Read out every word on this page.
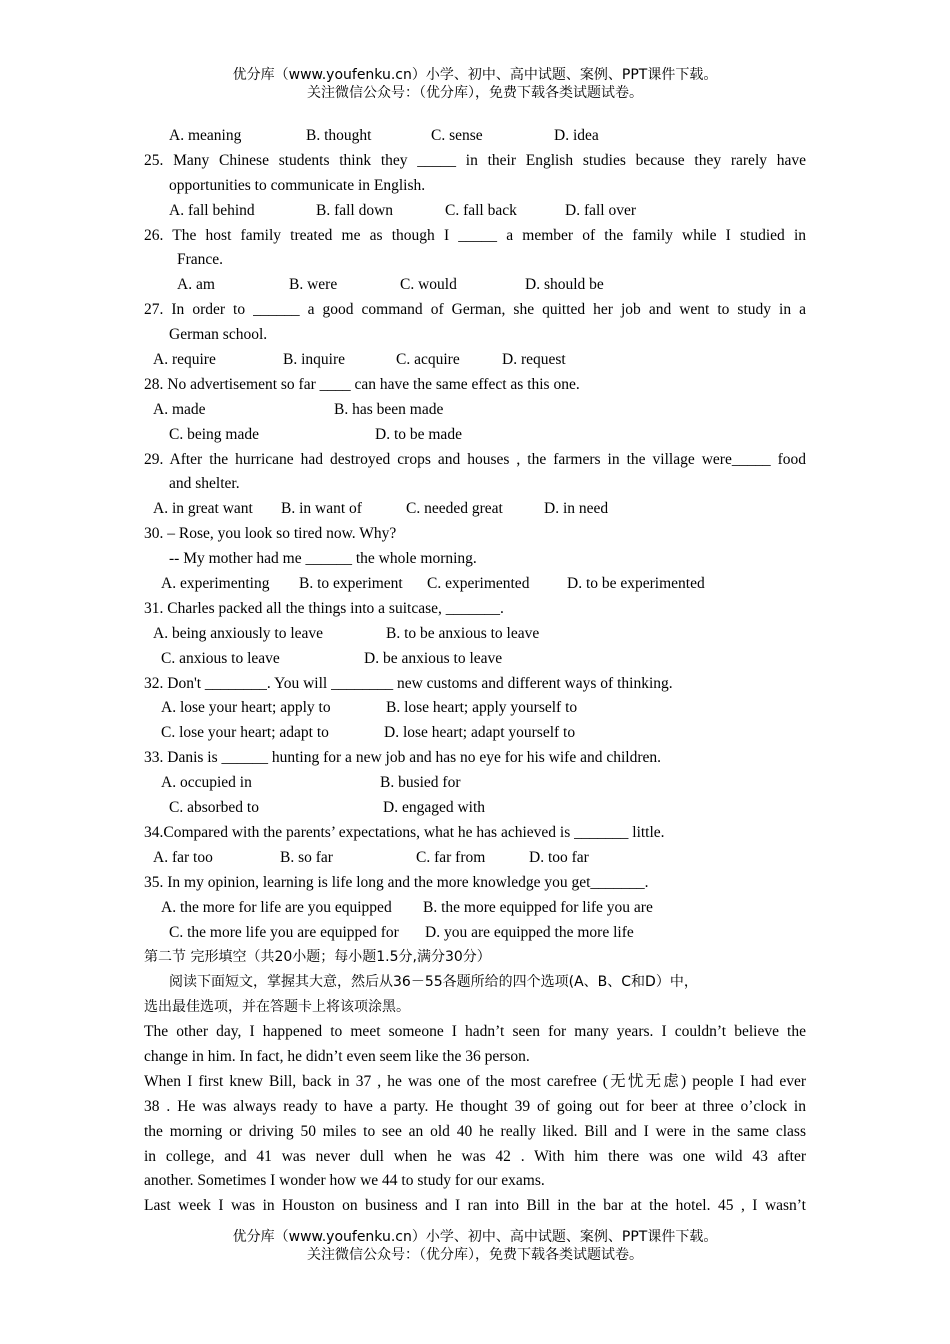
优分库（www.youfenku.cn）小学、初中、高中试题、案例、PPT课件下载。
关注微信公众号：（优分库），免费下载各类试题试卷。
A. meaning	B. thought	C. sense	D. idea
25. Many Chinese students think they _____ in their English studies because they rarely have
opportunities to communicate in English.
A. fall behind	B. fall down	C. fall back	D. fall over
26. The host family treated me as though I _____ a member of the family while I studied in
France.
A. am	B. were	C. would	D. should be
27. In order to ______ a good command of German, she quitted her job and went to study in a
German school.
A. require	B. inquire	C. acquire	D. request
28. No advertisement so far ____ can have the same effect as this one.
A. made	B. has been made
C. being made	D. to be made
29. After the hurricane had destroyed crops and houses , the farmers in the village were_____ food
and shelter.
A. in great want B. in want of	C. needed great	D. in need
30. – Rose, you look so tired now. Why?
-- My mother had me ______ the whole morning.
A. experimenting B. to experiment C. experimented D. to be experimented
31. Charles packed all the things into a suitcase, _______.
A. being anxiously to leave	B. to be anxious to leave
C. anxious to leave	D. be anxious to leave
32. Don't ________. You will ________ new customs and different ways of thinking.
A. lose your heart; apply to	B. lose heart; apply yourself to
C. lose your heart; adapt to	D. lose heart; adapt yourself to
33. Danis is ______ hunting for a new job and has no eye for his wife and children.
A. occupied in	B. busied for
C. absorbed to	D. engaged with
34.Compared with the parents’ expectations, what he has achieved is _______ little.
A. far too	B. so far	C. far from	D. too far
35. In my opinion, learning is life long and the more knowledge you get_______.
A. the more for life are you equipped B. the more equipped for life you are
C. the more life you are equipped for D. you are equipped the more life
第二节 完形填空（共20小题；每小题1.5分,满分30分）
阅读下面短文，掌握其大意，然后从36－55各题所给的四个选项(A、B、C和D）中，
选出最佳选项，并在答题卡上将该项涂黑。
The other day, I happened to meet someone I hadn’t seen for many years. I couldn’t believe the
change in him. In fact, he didn’t even seem like the 36 person.
When I first knew Bill, back in 37 , he was one of the most carefree (无忧无虑) people I had ever
38 . He was always ready to have a party. He thought 39 of going out for beer at three o’clock in
the morning or driving 50 miles to see an old 40 he really liked. Bill and I were in the same class
in college, and 41 was never dull when he was 42 . With him there was one wild 43 after
another. Sometimes I wonder how we 44 to study for our exams.
Last week I was in Houston on business and I ran into Bill in the bar at the hotel. 45 , I wasn’t
优分库（www.youfenku.cn）小学、初中、高中试题、案例、PPT课件下载。
关注微信公众号：（优分库），免费下载各类试题试卷。
